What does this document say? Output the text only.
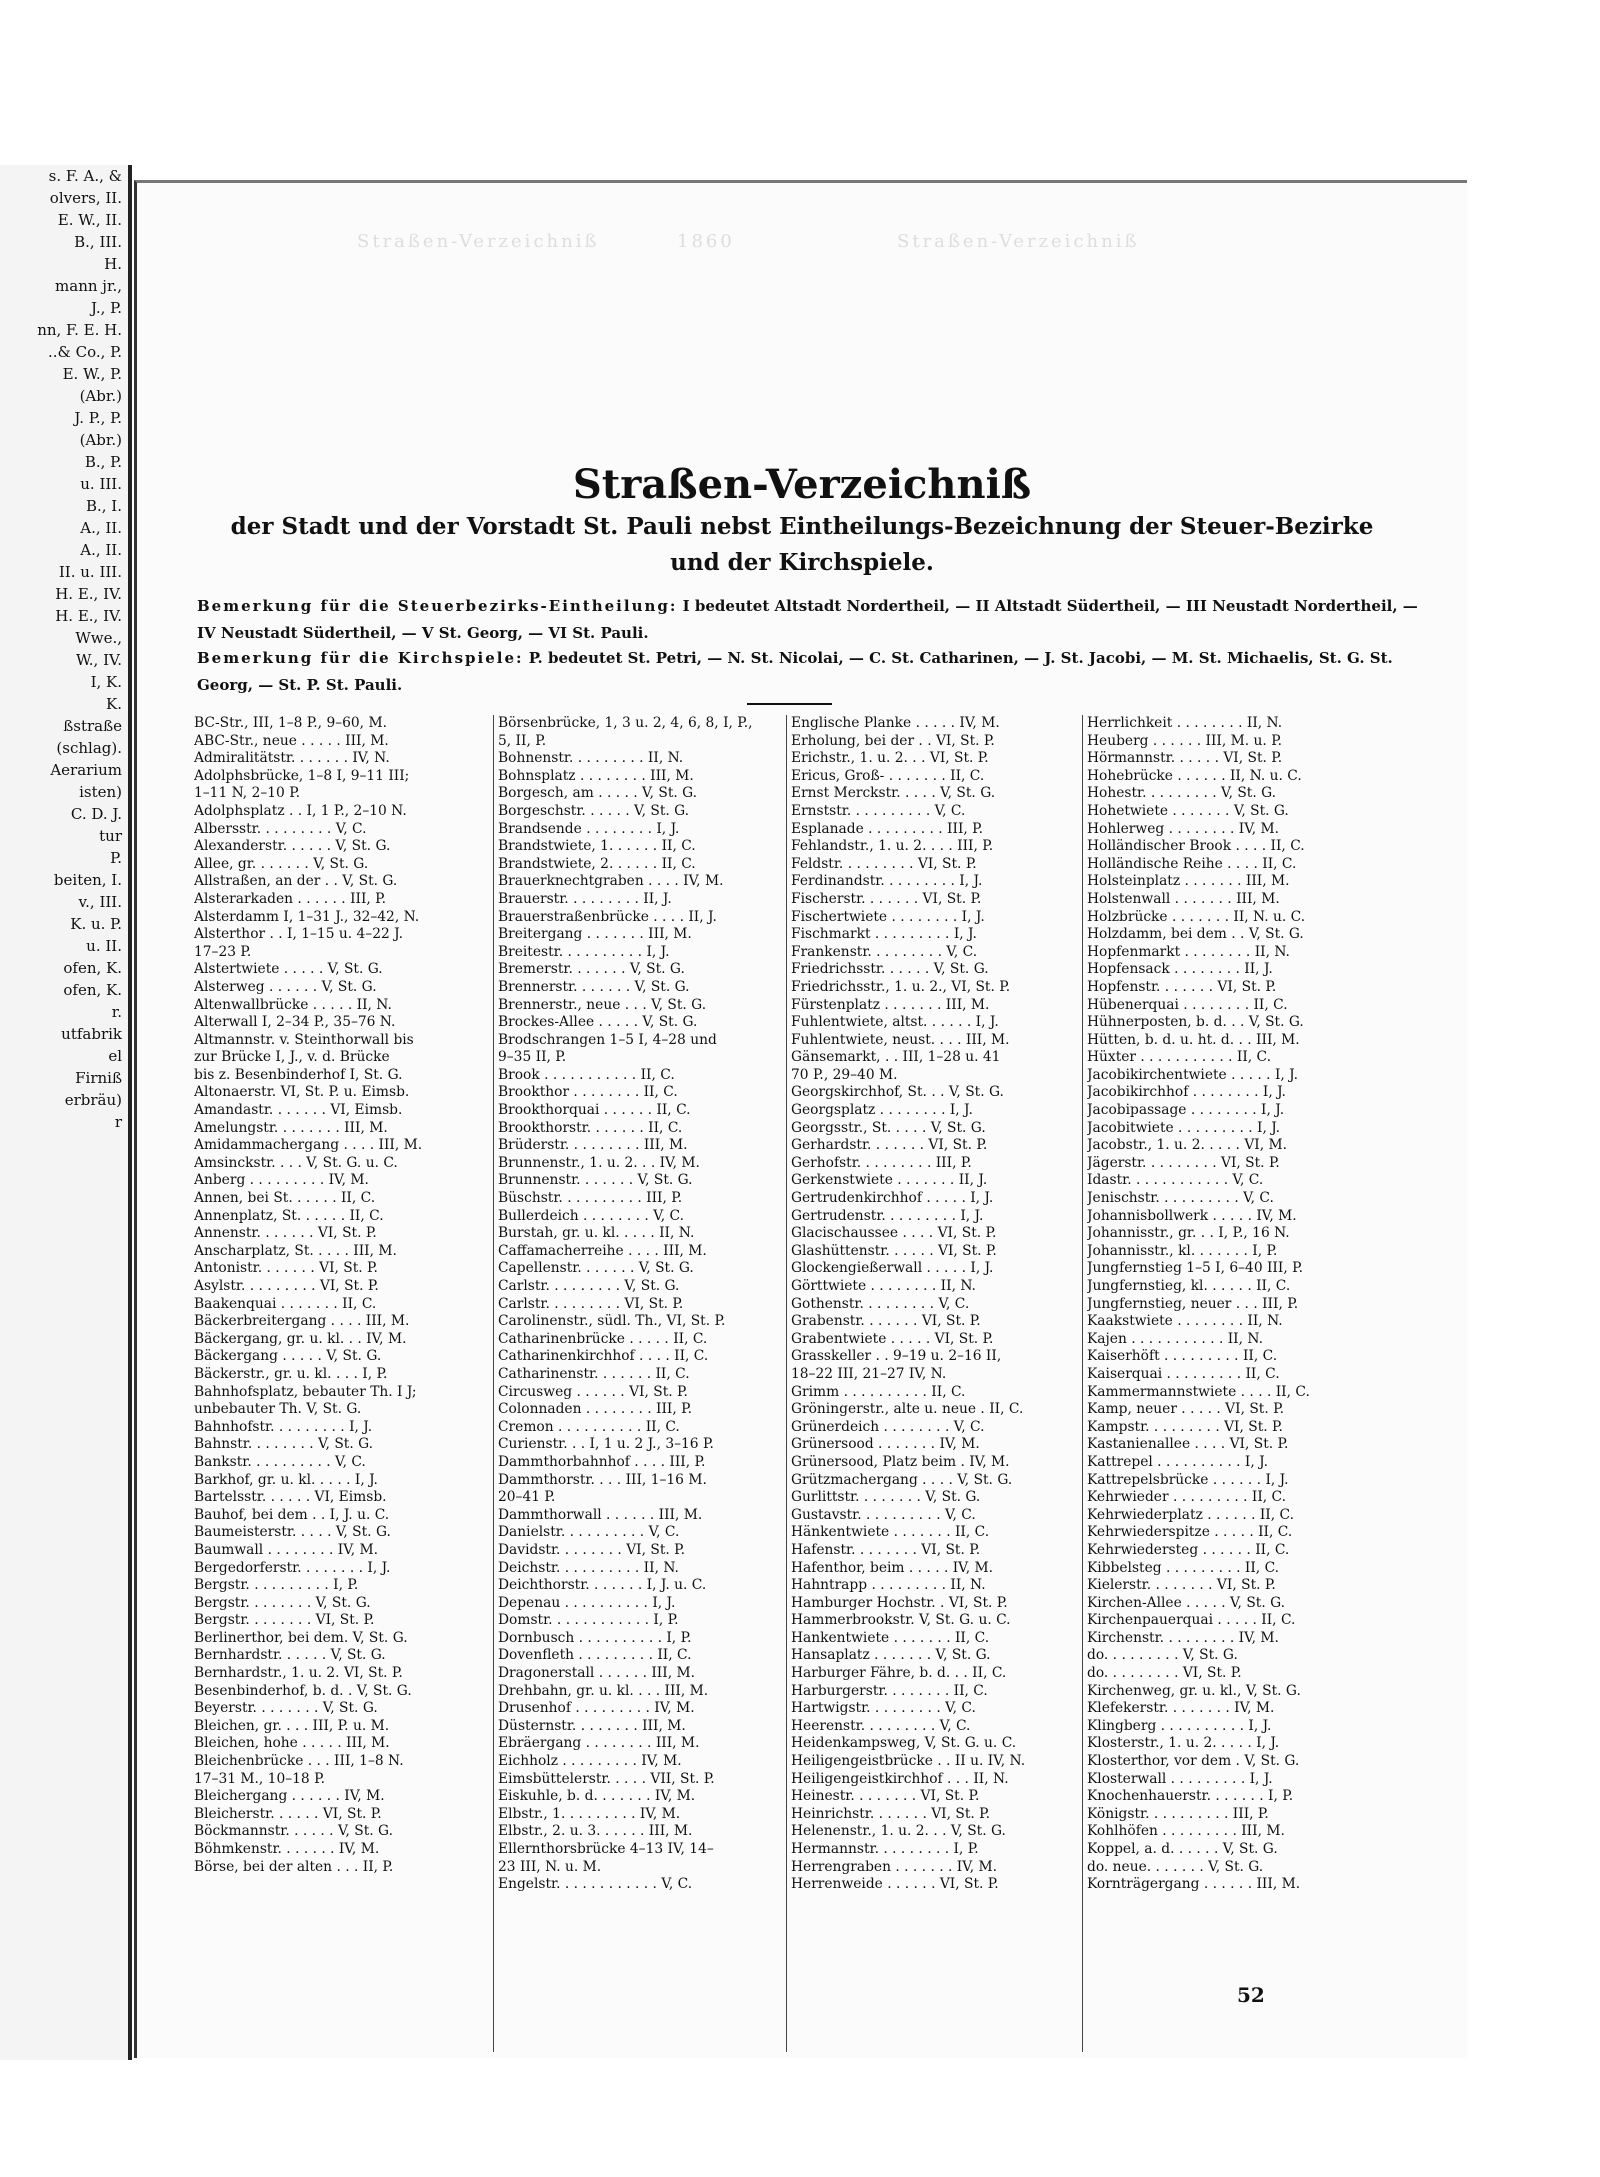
s. F. A., &
olvers, II.
E. W., II.
B., III.
H.
mann jr.,
J., P.
nn, F. E. H.
..& Co., P.
E. W., P.
(Abr.)
J. P., P.
(Abr.)
B., P.
u. III.
B., I.
A., II.
A., II.
II. u. III.
H. E., IV.
H. E., IV.
Wwe.,
W., IV.
I, K.
K.
ßstraße
(schlag).
Aerarium
isten)
C. D. J.
tur
P.
beiten, I.
v., III.
K. u. P.
u. II.
ofen, K.
ofen, K.
r.
utfabrik
el
Firniß
erbräu)
r
Straßen-Verzeichniß	1860	Straßen-Verzeichniß
Straßen-Verzeichniß
der Stadt und der Vorstadt St. Pauli nebst Eintheilungs-Bezeichnung der Steuer-Bezirke
und der Kirchspiele.
Bemerkung für die Steuerbezirks-Eintheilung: I bedeutet Altstadt Nordertheil, — II Altstadt Südertheil, — III Neustadt Nordertheil, — IV Neustadt Südertheil, — V St. Georg, — VI St. Pauli.
Bemerkung für die Kirchspiele: P. bedeutet St. Petri, — N. St. Nicolai, — C. St. Catharinen, — J. St. Jacobi, — M. St. Michaelis, St. G. St. Georg, — St. P. St. Pauli.
BC-Str., III, 1–8 P., 9–60, M.
ABC-Str., neue . . . . . III, M.
Admiralitätstr. . . . . . . IV, N.
Adolphsbrücke, 1–8 I, 9–11 III;
1–11 N, 2–10 P.
Adolphsplatz . . I, 1 P., 2–10 N.
Albersstr. . . . . . . . . V, C.
Alexanderstr. . . . . . V, St. G.
Allee, gr. . . . . . . V, St. G.
Allstraßen, an der . . V, St. G.
Alsterarkaden . . . . . . III, P.
Alsterdamm I, 1–31 J., 32–42, N.
Alsterthor . . I, 1–15 u. 4–22 J.
17–23 P.
Alstertwiete . . . . . V, St. G.
Alsterweg . . . . . . V, St. G.
Altenwallbrücke . . . . . II, N.
Alterwall I, 2–34 P., 35–76 N.
Altmannstr. v. Steinthorwall bis
zur Brücke I, J., v. d. Brücke
bis z. Besenbinderhof I, St. G.
Altonaerstr. VI, St. P. u. Eimsb.
Amandastr. . . . . . . VI, Eimsb.
Amelungstr. . . . . . . . III, M.
Amidammachergang . . . . III, M.
Amsinckstr. . . . V, St. G. u. C.
Anberg . . . . . . . . . IV, M.
Annen, bei St. . . . . . II, C.
Annenplatz, St. . . . . . II, C.
Annenstr. . . . . . . VI, St. P.
Anscharplatz, St. . . . . III, M.
Antonistr. . . . . . . VI, St. P.
Asylstr. . . . . . . . . VI, St. P.
Baakenquai . . . . . . . II, C.
Bäckerbreitergang . . . . III, M.
Bäckergang, gr. u. kl. . . IV, M.
Bäckergang . . . . . V, St. G.
Bäckerstr., gr. u. kl. . . . I, P.
Bahnhofsplatz, bebauter Th. I J;
unbebauter Th. V, St. G.
Bahnhofstr. . . . . . . . . I, J.
Bahnstr. . . . . . . . V, St. G.
Bankstr. . . . . . . . . . V, C.
Barkhof, gr. u. kl. . . . . I, J.
Bartelsstr. . . . . . VI, Eimsb.
Bauhof, bei dem . . I, J. u. C.
Baumeisterstr. . . . . V, St. G.
Baumwall . . . . . . . . IV, M.
Bergedorferstr. . . . . . . . I, J.
Bergstr. . . . . . . . . . I, P.
Bergstr. . . . . . . . V, St. G.
Bergstr. . . . . . . . VI, St. P.
Berlinerthor, bei dem. V, St. G.
Bernhardstr. . . . . . V, St. G.
Bernhardstr., 1. u. 2. VI, St. P.
Besenbinderhof, b. d. . V, St. G.
Beyerstr. . . . . . . . V, St. G.
Bleichen, gr. . . . III, P. u. M.
Bleichen, hohe . . . . . III, M.
Bleichenbrücke . . . III, 1–8 N.
17–31 M., 10–18 P.
Bleichergang . . . . . . IV, M.
Bleicherstr. . . . . . VI, St. P.
Böckmannstr. . . . . . V, St. G.
Böhmkenstr. . . . . . . IV, M.
Börse, bei der alten . . . II, P.
Börsenbrücke, 1, 3 u. 2, 4, 6, 8, I, P.,
5, II, P.
Bohnenstr. . . . . . . . . II, N.
Bohnsplatz . . . . . . . . III, M.
Borgesch, am . . . . . V, St. G.
Borgeschstr. . . . . . V, St. G.
Brandsende . . . . . . . . I, J.
Brandstwiete, 1. . . . . . II, C.
Brandstwiete, 2. . . . . . II, C.
Brauerknechtgraben . . . . IV, M.
Brauerstr. . . . . . . . . II, J.
Brauerstraßenbrücke . . . . II, J.
Breitergang . . . . . . . III, M.
Breitestr. . . . . . . . . . I, J.
Bremerstr. . . . . . . V, St. G.
Brennerstr. . . . . . . V, St. G.
Brennerstr., neue . . . V, St. G.
Brockes-Allee . . . . . V, St. G.
Brodschrangen 1–5 I, 4–28 und
9–35 II, P.
Brook . . . . . . . . . . . II, C.
Brookthor . . . . . . . . II, C.
Brookthorquai . . . . . . II, C.
Brookthorstr. . . . . . . II, C.
Brüderstr. . . . . . . . . III, M.
Brunnenstr., 1. u. 2. . . IV, M.
Brunnenstr. . . . . . . V, St. G.
Büschstr. . . . . . . . . . III, P.
Bullerdeich . . . . . . . . V, C.
Burstah, gr. u. kl. . . . . II, N.
Caffamacherreihe . . . . III, M.
Capellenstr. . . . . . . V, St. G.
Carlstr. . . . . . . . . V, St. G.
Carlstr. . . . . . . . . VI, St. P.
Carolinenstr., südl. Th., VI, St. P.
Catharinenbrücke . . . . . II, C.
Catharinenkirchhof . . . . II, C.
Catharinenstr. . . . . . . II, C.
Circusweg . . . . . . VI, St. P.
Colonnaden . . . . . . . . III, P.
Cremon . . . . . . . . . . II, C.
Curienstr. . . I, 1 u. 2 J., 3–16 P.
Dammthorbahnhof . . . . III, P.
Dammthorstr. . . . III, 1–16 M.
20–41 P.
Dammthorwall . . . . . . III, M.
Danielstr. . . . . . . . . . V, C.
Davidstr. . . . . . . . VI, St. P.
Deichstr. . . . . . . . . . II, N.
Deichthorstr. . . . . . . I, J. u. C.
Depenau . . . . . . . . . . I, J.
Domstr. . . . . . . . . . . . I, P.
Dornbusch . . . . . . . . . . I, P.
Dovenfleth . . . . . . . . . II, C.
Dragonerstall . . . . . . III, M.
Drehbahn, gr. u. kl. . . . III, M.
Drusenhof . . . . . . . . . IV, M.
Düsternstr. . . . . . . . III, M.
Ebräergang . . . . . . . . III, M.
Eichholz . . . . . . . . . IV, M.
Eimsbüttelerstr. . . . . VII, St. P.
Eiskuhle, b. d. . . . . . . IV, M.
Elbstr., 1. . . . . . . . . IV, M.
Elbstr., 2. u. 3. . . . . . III, M.
Ellernthorsbrücke 4–13 IV, 14–
23 III, N. u. M.
Engelstr. . . . . . . . . . . . V, C.
Englische Planke . . . . . IV, M.
Erholung, bei der . . VI, St. P.
Erichstr., 1. u. 2. . . VI, St. P.
Ericus, Groß- . . . . . . . II, C.
Ernst Merckstr. . . . . V, St. G.
Ernststr. . . . . . . . . . V, C.
Esplanade . . . . . . . . . III, P.
Fehlandstr., 1. u. 2. . . . III, P.
Feldstr. . . . . . . . . VI, St. P.
Ferdinandstr. . . . . . . . . I, J.
Fischerstr. . . . . . . VI, St. P.
Fischertwiete . . . . . . . . I, J.
Fischmarkt . . . . . . . . . I, J.
Frankenstr. . . . . . . . . V, C.
Friedrichsstr. . . . . . V, St. G.
Friedrichsstr., 1. u. 2., VI, St. P.
Fürstenplatz . . . . . . . III, M.
Fuhlentwiete, altst. . . . . . I, J.
Fuhlentwiete, neust. . . . III, M.
Gänsemarkt, . . III, 1–28 u. 41
70 P., 29–40 M.
Georgskirchhof, St. . . V, St. G.
Georgsplatz . . . . . . . . I, J.
Georgsstr., St. . . . . V, St. G.
Gerhardstr. . . . . . . VI, St. P.
Gerhofstr. . . . . . . . . III, P.
Gerkenstwiete . . . . . . . II, J.
Gertrudenkirchhof . . . . . I, J.
Gertrudenstr. . . . . . . . . I, J.
Glacischaussee . . . . VI, St. P.
Glashüttenstr. . . . . . VI, St. P.
Glockengießerwall . . . . . I, J.
Görttwiete . . . . . . . . II, N.
Gothenstr. . . . . . . . . V, C.
Grabenstr. . . . . . . VI, St. P.
Grabentwiete . . . . . VI, St. P.
Grasskeller . . 9–19 u. 2–16 II,
18–22 III, 21–27 IV, N.
Grimm . . . . . . . . . . II, C.
Gröningerstr., alte u. neue . II, C.
Grünerdeich . . . . . . . . V, C.
Grünersood . . . . . . . IV, M.
Grünersood, Platz beim . IV, M.
Grützmachergang . . . . V, St. G.
Gurlittstr. . . . . . . . V, St. G.
Gustavstr. . . . . . . . . . V, C.
Hänkentwiete . . . . . . . II, C.
Hafenstr. . . . . . . . VI, St. P.
Hafenthor, beim . . . . . IV, M.
Hahntrapp . . . . . . . . . II, N.
Hamburger Hochstr. . VI, St. P.
Hammerbrookstr. V, St. G. u. C.
Hankentwiete . . . . . . . II, C.
Hansaplatz . . . . . . . V, St. G.
Harburger Fähre, b. d. . . II, C.
Harburgerstr. . . . . . . . II, C.
Hartwigstr. . . . . . . . . V, C.
Heerenstr. . . . . . . . . V, C.
Heidenkampsweg, V, St. G. u. C.
Heiligengeistbrücke . . II u. IV, N.
Heiligengeistkirchhof . . . II, N.
Heinestr. . . . . . . . VI, St. P.
Heinrichstr. . . . . . . VI, St. P.
Helenenstr., 1. u. 2. . . V, St. G.
Hermannstr. . . . . . . . . I, P.
Herrengraben . . . . . . . IV, M.
Herrenweide . . . . . . VI, St. P.
Herrlichkeit . . . . . . . . II, N.
Heuberg . . . . . . III, M. u. P.
Hörmannstr. . . . . . VI, St. P.
Hohebrücke . . . . . . II, N. u. C.
Hohestr. . . . . . . . . V, St. G.
Hohetwiete . . . . . . . V, St. G.
Hohlerweg . . . . . . . . IV, M.
Holländischer Brook . . . . II, C.
Holländische Reihe . . . . II, C.
Holsteinplatz . . . . . . . III, M.
Holstenwall . . . . . . . III, M.
Holzbrücke . . . . . . . II, N. u. C.
Holzdamm, bei dem . . V, St. G.
Hopfenmarkt . . . . . . . . II, N.
Hopfensack . . . . . . . . II, J.
Hopfenstr. . . . . . . VI, St. P.
Hübenerquai . . . . . . . . II, C.
Hühnerposten, b. d. . . V, St. G.
Hütten, b. d. u. ht. d. . . III, M.
Hüxter . . . . . . . . . . . II, C.
Jacobikirchentwiete . . . . . I, J.
Jacobikirchhof . . . . . . . . I, J.
Jacobipassage . . . . . . . . I, J.
Jacobitwiete . . . . . . . . . I, J.
Jacobstr., 1. u. 2. . . . . VI, M.
Jägerstr. . . . . . . . . VI, St. P.
Idastr. . . . . . . . . . . . V, C.
Jenischstr. . . . . . . . . . V, C.
Johannisbollwerk . . . . . IV, M.
Johannisstr., gr. . . I, P., 16 N.
Johannisstr., kl. . . . . . . I, P.
Jungfernstieg 1–5 I, 6–40 III, P.
Jungfernstieg, kl. . . . . . II, C.
Jungfernstieg, neuer . . . III, P.
Kaakstwiete . . . . . . . . II, N.
Kajen . . . . . . . . . . . II, N.
Kaiserhöft . . . . . . . . . II, C.
Kaiserquai . . . . . . . . . II, C.
Kammermannstwiete . . . . II, C.
Kamp, neuer . . . . . VI, St. P.
Kampstr. . . . . . . . . VI, St. P.
Kastanienallee . . . . VI, St. P.
Kattrepel . . . . . . . . . . I, J.
Kattrepelsbrücke . . . . . . I, J.
Kehrwieder . . . . . . . . . II, C.
Kehrwiederplatz . . . . . . II, C.
Kehrwiederspitze . . . . . II, C.
Kehrwiedersteg . . . . . . II, C.
Kibbelsteg . . . . . . . . . II, C.
Kielerstr. . . . . . . . VI, St. P.
Kirchen-Allee . . . . . V, St. G.
Kirchenpauerquai . . . . . II, C.
Kirchenstr. . . . . . . . . IV, M.
do. . . . . . . . . V, St. G.
do. . . . . . . . . VI, St. P.
Kirchenweg, gr. u. kl., V, St. G.
Klefekerstr. . . . . . . . IV, M.
Klingberg . . . . . . . . . . I, J.
Klosterstr., 1. u. 2. . . . . I, J.
Klosterthor, vor dem . V, St. G.
Klosterwall . . . . . . . . . I, J.
Knochenhauerstr. . . . . . . I, P.
Königstr. . . . . . . . . . III, P.
Kohlhöfen . . . . . . . . . III, M.
Koppel, a. d. . . . . . V, St. G.
do. neue. . . . . . . V, St. G.
Kornträgergang . . . . . . III, M.
52
